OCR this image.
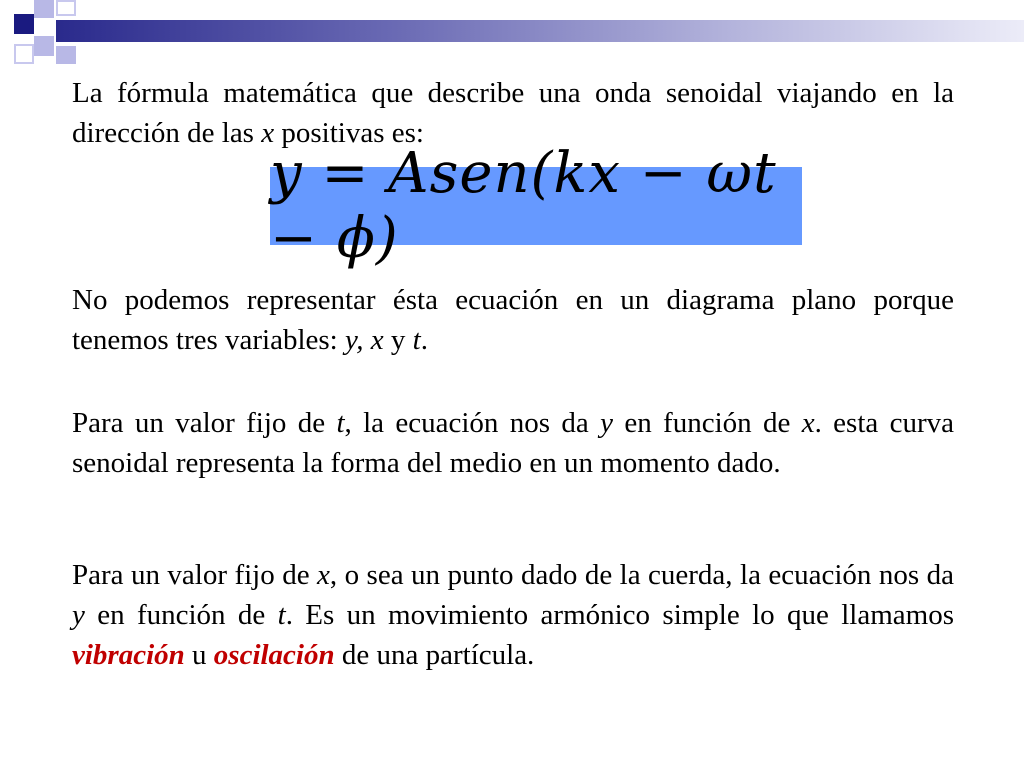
La fórmula matemática que describe una onda senoidal viajando en la dirección de las x positivas es:

y = Asen(kx − ωt − ϕ)

No podemos representar ésta ecuación en un diagrama plano porque tenemos tres variables: y, x y t.

Para un valor fijo de t, la ecuación nos da y en función de x. esta curva senoidal representa la forma del medio en un momento dado.

Para un valor fijo de x, o sea un punto dado de la cuerda, la ecuación nos da y en función de t. Es un movimiento armónico simple lo que llamamos vibración u oscilación de una partícula.
